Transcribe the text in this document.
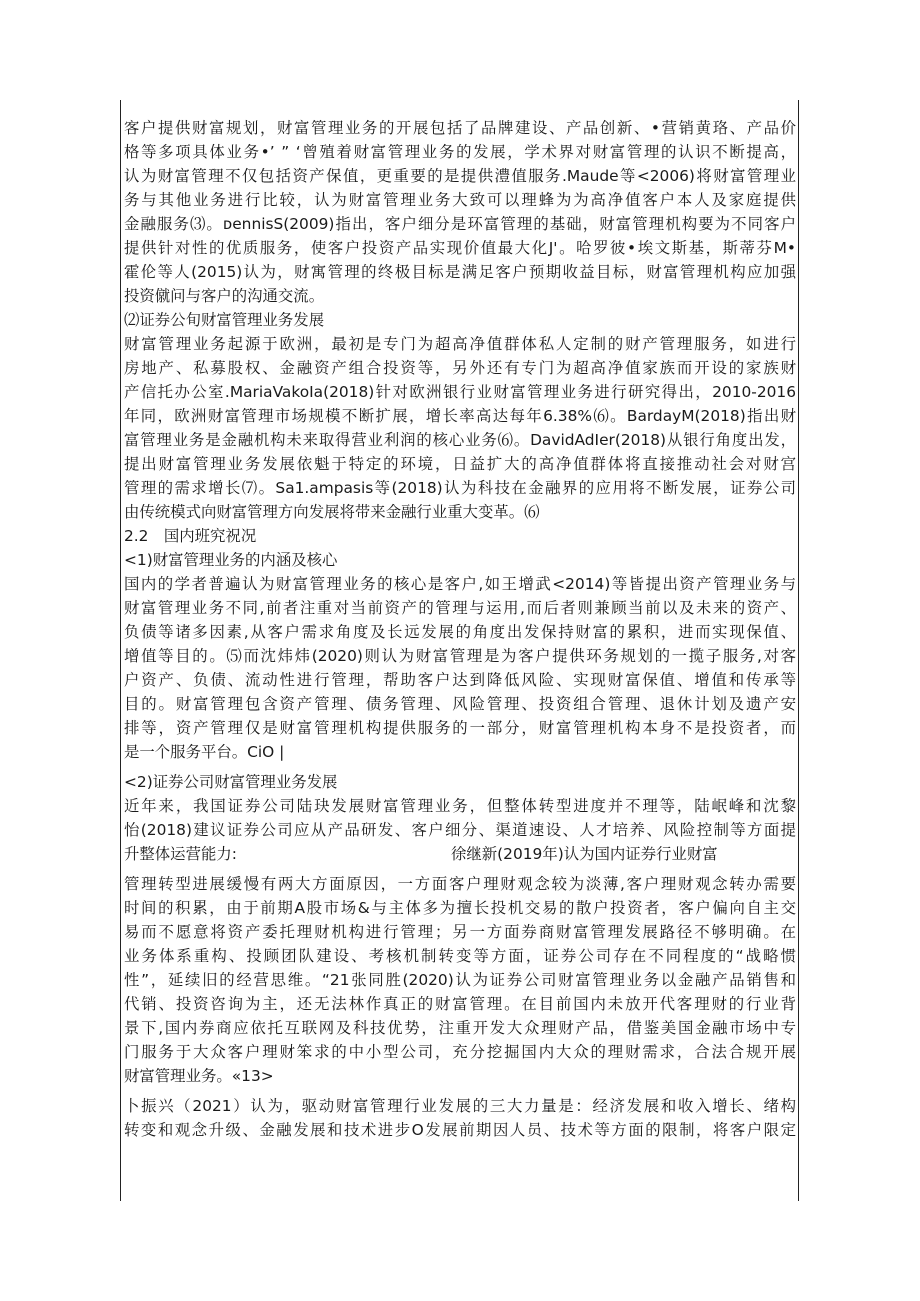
客户提供财富规划，财富管理业务的开展包括了品牌建设、产品创新、•营销黄珞、产品价
格等多项具体业务•’ ” ‘曾殖着财富管理业务的发展，学术界对财富管理的认识不断提高，
认为财富管理不仅包括资产保值，更重要的是提供澧值服务.Maude等<2006)将财富管理业
务与其他业务进行比较，认为财富管理业务大致可以理蜂为为高净值客户本人及家庭提供
金融服务⑶。ᴅennisS(2009)指出，客户细分是环富管理的基础，财富管理机构要为不同客户
提供针对性的优质服务，使客户投资产品实现价值最大化J'。哈罗彼•埃文斯基，斯蒂芬M•
霍伦等人(2015)认为，财寓管理的终极目标是满足客户预期收益目标，财富管理机构应加强
投资僦问与客户的沟通交流。
⑵证券公旬财富管理业务发展
财富管理业务起源于欧洲，最初是专门为超高净值群体私人定制的财产管理服务，如进行
房地产、私募股权、金融资产组合投资等，另外还有专门为超高净值家族而开设的家族财
产信托办公室.MariaVakoIa(2018)针对欧洲银行业财富管理业务进行研究得出，2010-2016
年同，欧洲财富管理市场规模不断扩展，增长率高达每年6.38%⑹。BardayM(2018)指出财
富管理业务是金融机构未来取得营业利润的核心业务⑹。DavidAdIer(2018)从银行角度出发，
提出财富管理业务发展依魁于特定的环境，日益扩大的高净值群体将直接推动社会对财宫
管理的需求增长⑺。Sa1.ampasis等(2018)认为科技在金融界的应用将不断发展，证券公司
由传统模式向财富管理方向发展将带来金融行业重大变革。⑹
2.2　国内班究祝况
<1)财富管理业务的内涵及核心
国内的学者普遍认为财富管理业务的核心是客户,如王增武<2014)等皆提出资产管理业务与
财富管理业务不同,前者注重对当前资产的管理与运用,而后者则兼顾当前以及未来的资产、
负债等诸多因素,从客户需求角度及长远发展的角度出发保持财富的累积，进而实现保值、
增值等目的。⑸而沈炜炜(2020)则认为财富管理是为客户提供环务规划的一揽子服务,对客
户资产、负债、流动性进行管理，帮助客户达到降低风险、实现财富保值、增值和传承等
目的。财富管理包含资产管理、债务管理、风险管理、投资组合管理、退休计划及遗产安
排等，资产管理仅是财富管理机构提供服务的一部分，财富管理机构本身不是投资者，而
是一个服务平台。CiO |
<2)证券公司财富管理业务发展
近年来，我国证券公司陆玦发展财富管理业务，但整体转型进度并不理等，陆岷峰和沈黎
怡(2018)建议证券公司应从产品研发、客户细分、渠道速设、人才培养、风险控制等方面提
升整体运营能力:	徐继新(2019年)认为国内证券行业财富
管理转型进展缓慢有两大方面原因，一方面客户理财观念较为淡薄,客户理财观念转办需要
时间的积累，由于前期A股市场&与主体多为擅长投机交易的散户投资者，客户偏向自主交
易而不愿意将资产委托理财机构进行管理；另一方面券商财富管理发展路径不够明确。在
业务体系重构、投顾团队建设、考核机制转变等方面，证券公司存在不同程度的“战略惯
性”，延续旧的经营思维。“21张同胜(2020)认为证券公司财富管理业务以金融产品销售和
代销、投资咨询为主，还无法林作真正的财富管理。在目前国内未放开代客理财的行业背
景下,国内券商应依托互联网及科技优势，注重开发大众理财产品，借鉴美国金融市场中专
门服务于大众客户理财笨求的中小型公司，充分挖掘国内大众的理财需求，合法合规开展
财富管理业务。«13>
卜振兴（2021）认为，驱动财富管理行业发展的三大力量是：经济发展和收入增长、绪构
转变和观念升级、金融发展和技术进步O发展前期因人员、技术等方面的限制，将客户限定
